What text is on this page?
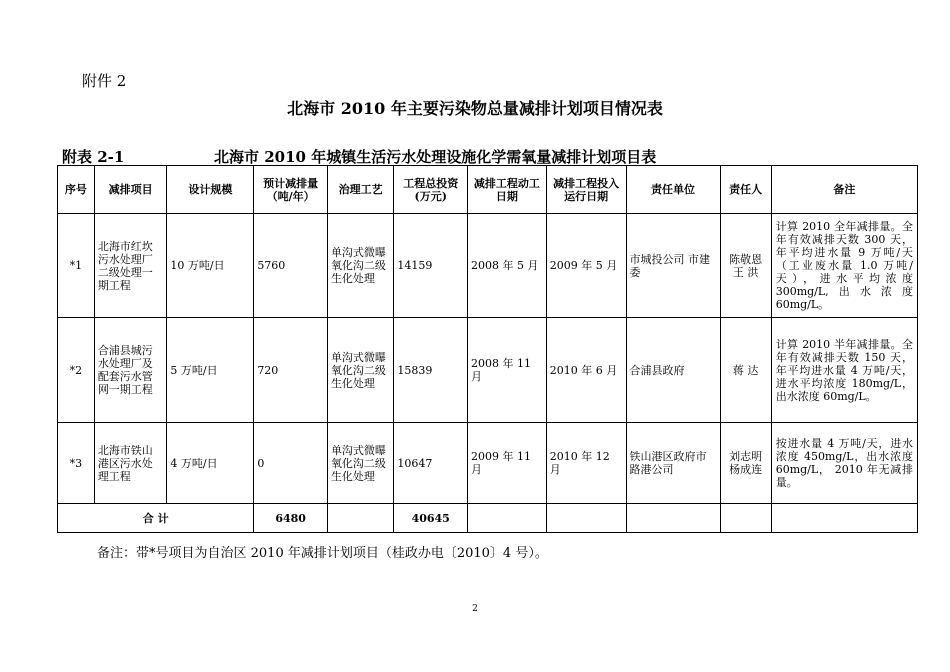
附件 2
北海市 2010 年主要污染物总量减排计划项目情况表
附表 2-1	北海市 2010 年城镇生活污水处理设施化学需氧量减排计划项目表
序号	减排项目	设计规模	预计减排量（吨/年）	治理工艺	工程总投资(万元)	减排工程动工日期	减排工程投入运行日期	责任单位	责任人	备注
*1	北海市红坎污水处理厂二级处理一期工程	10 万吨/日	5760	单沟式微曝氧化沟二级生化处理	14159	2008 年 5 月	2009 年 5 月	市城投公司 市建委	陈敬恩 王 洪	计算 2010 全年减排量。全年有效减排天数 300 天，年平均进水量 9 万吨/天（工业废水量 1.0 万吨/天），进水平均浓度 300mg/L,出水浓度 60mg/L。
*2	合浦县城污水处理厂及配套污水管网一期工程	5 万吨/日	720	单沟式微曝氧化沟二级生化处理	15839	2008 年 11 月	2010 年 6 月	合浦县政府	蒋 达	计算 2010 半年减排量。全年有效减排天数 150 天，年平均进水量 4 万吨/天，进水平均浓度 180mg/L，出水浓度 60mg/L。
*3	北海市铁山港区污水处理工程	4 万吨/日	0	单沟式微曝氧化沟二级生化处理	10647	2009 年 11 月	2010 年 12 月	铁山港区政府市路港公司	刘志明 杨成连	按进水量 4 万吨/天，进水浓度 450mg/L，出水浓度 60mg/L， 2010 年无减排量。
合 计			6480		40645					
备注：带*号项目为自治区 2010 年减排计划项目（桂政办电〔2010〕4 号）。
2
